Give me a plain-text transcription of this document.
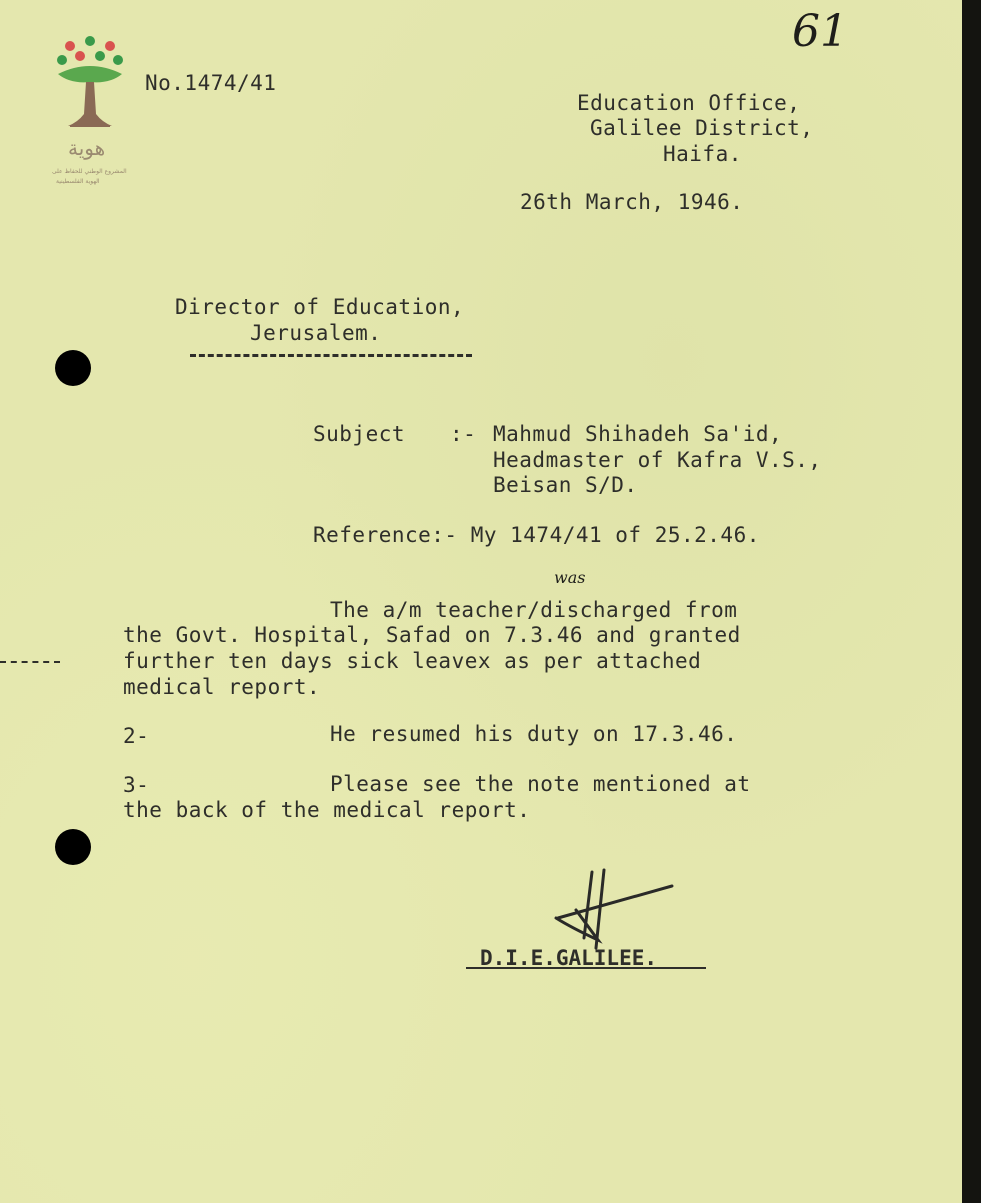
هوية
المشروع الوطني للحفاظ على
الهوية الفلسطينية
61
No.1474/41
Education Office,
Galilee District,
Haifa.
26th March, 1946.
Director of Education,
Jerusalem.
Subject :- Mahmud Shihadeh Sa'id,
Headmaster of Kafra V.S.,
Beisan S/D.
Reference:- My 1474/41 of 25.2.46.
was
The a/m teacher/discharged from
the Govt. Hospital, Safad on 7.3.46 and granted
further ten days sick leavex as per attached
medical report.
2-	He resumed his duty on 17.3.46.
3-	Please see the note mentioned at
the back of the medical report.
D.I.E.GALILEE.
